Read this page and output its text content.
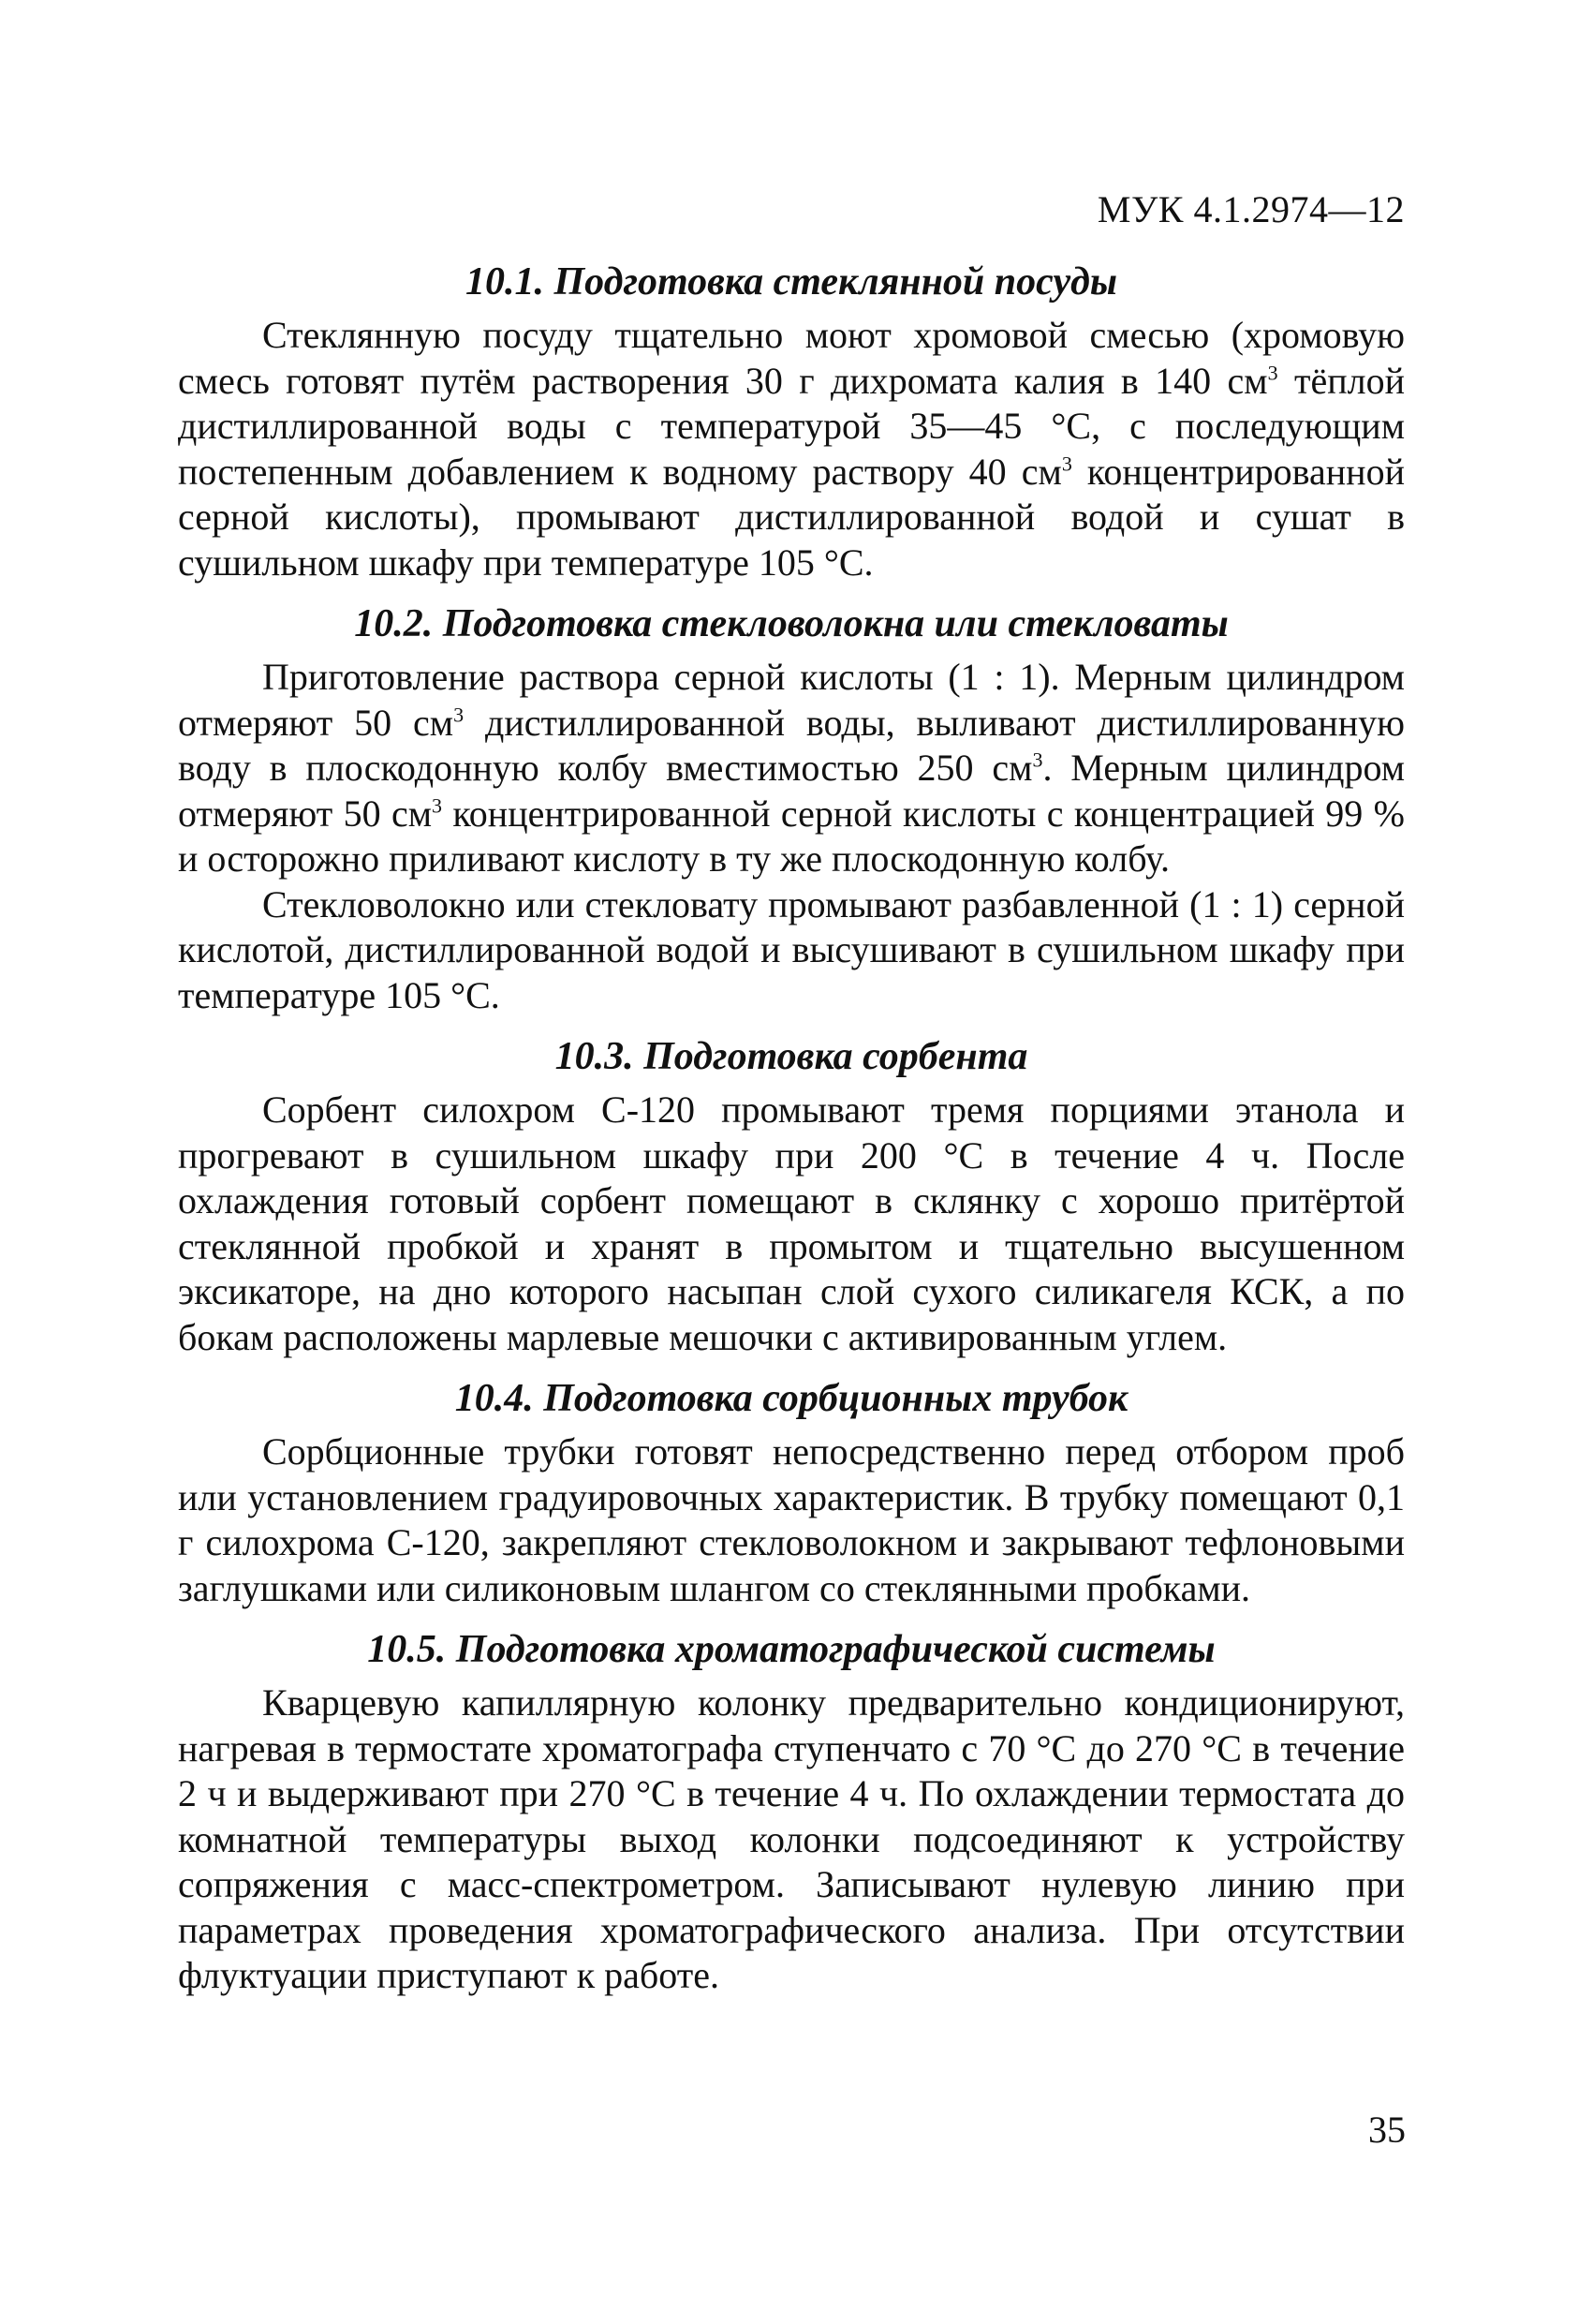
МУК 4.1.2974—12
10.1. Подготовка стеклянной посуды

Стеклянную посуду тщательно моют хромовой смесью (хромовую смесь готовят путём растворения 30 г дихромата калия в 140 $см^3$ тёплой дистиллированной воды с температурой 35—45 °С, с последующим постепенным добавлением к водному раствору 40 $см^3$ концентрированной серной кислоты), промывают дистиллированной водой и сушат в сушильном шкафу при температуре 105 °С.

10.2. Подготовка стекловолокна или стекловаты

Приготовление раствора серной кислоты (1 : 1). Мерным цилиндром отмеряют 50 $см^3$ дистиллированной воды, выливают дистиллированную воду в плоскодонную колбу вместимостью 250 $см^3$. Мерным цилиндром отмеряют 50 $см^3$ концентрированной серной кислоты с концентрацией 99 % и осторожно приливают кислоту в ту же плоскодонную колбу.

Стекловолокно или стекловату промывают разбавленной (1 : 1) серной кислотой, дистиллированной водой и высушивают в сушильном шкафу при температуре 105 °С.

10.3. Подготовка сорбента

Сорбент силохром С-120 промывают тремя порциями этанола и прогревают в сушильном шкафу при 200 °С в течение 4 ч. После охлаждения готовый сорбент помещают в склянку с хорошо притёртой стеклянной пробкой и хранят в промытом и тщательно высушенном эксикаторе, на дно которого насыпан слой сухого силикагеля КСК, а по бокам расположены марлевые мешочки с активированным углем.

10.4. Подготовка сорбционных трубок

Сорбционные трубки готовят непосредственно перед отбором проб или установлением градуировочных характеристик. В трубку помещают 0,1 г силохрома С-120, закрепляют стекловолокном и закрывают тефлоновыми заглушками или силиконовым шлангом со стеклянными пробками.

10.5. Подготовка хроматографической системы

Кварцевую капиллярную колонку предварительно кондиционируют, нагревая в термостате хроматографа ступенчато с 70 °С до 270 °С в течение 2 ч и выдерживают при 270 °С в течение 4 ч. По охлаждении термостата до комнатной температуры выход колонки подсоединяют к устройству сопряжения с масс-спектрометром. Записывают нулевую линию при параметрах проведения хроматографического анализа. При отсутствии флуктуации приступают к работе.

35
